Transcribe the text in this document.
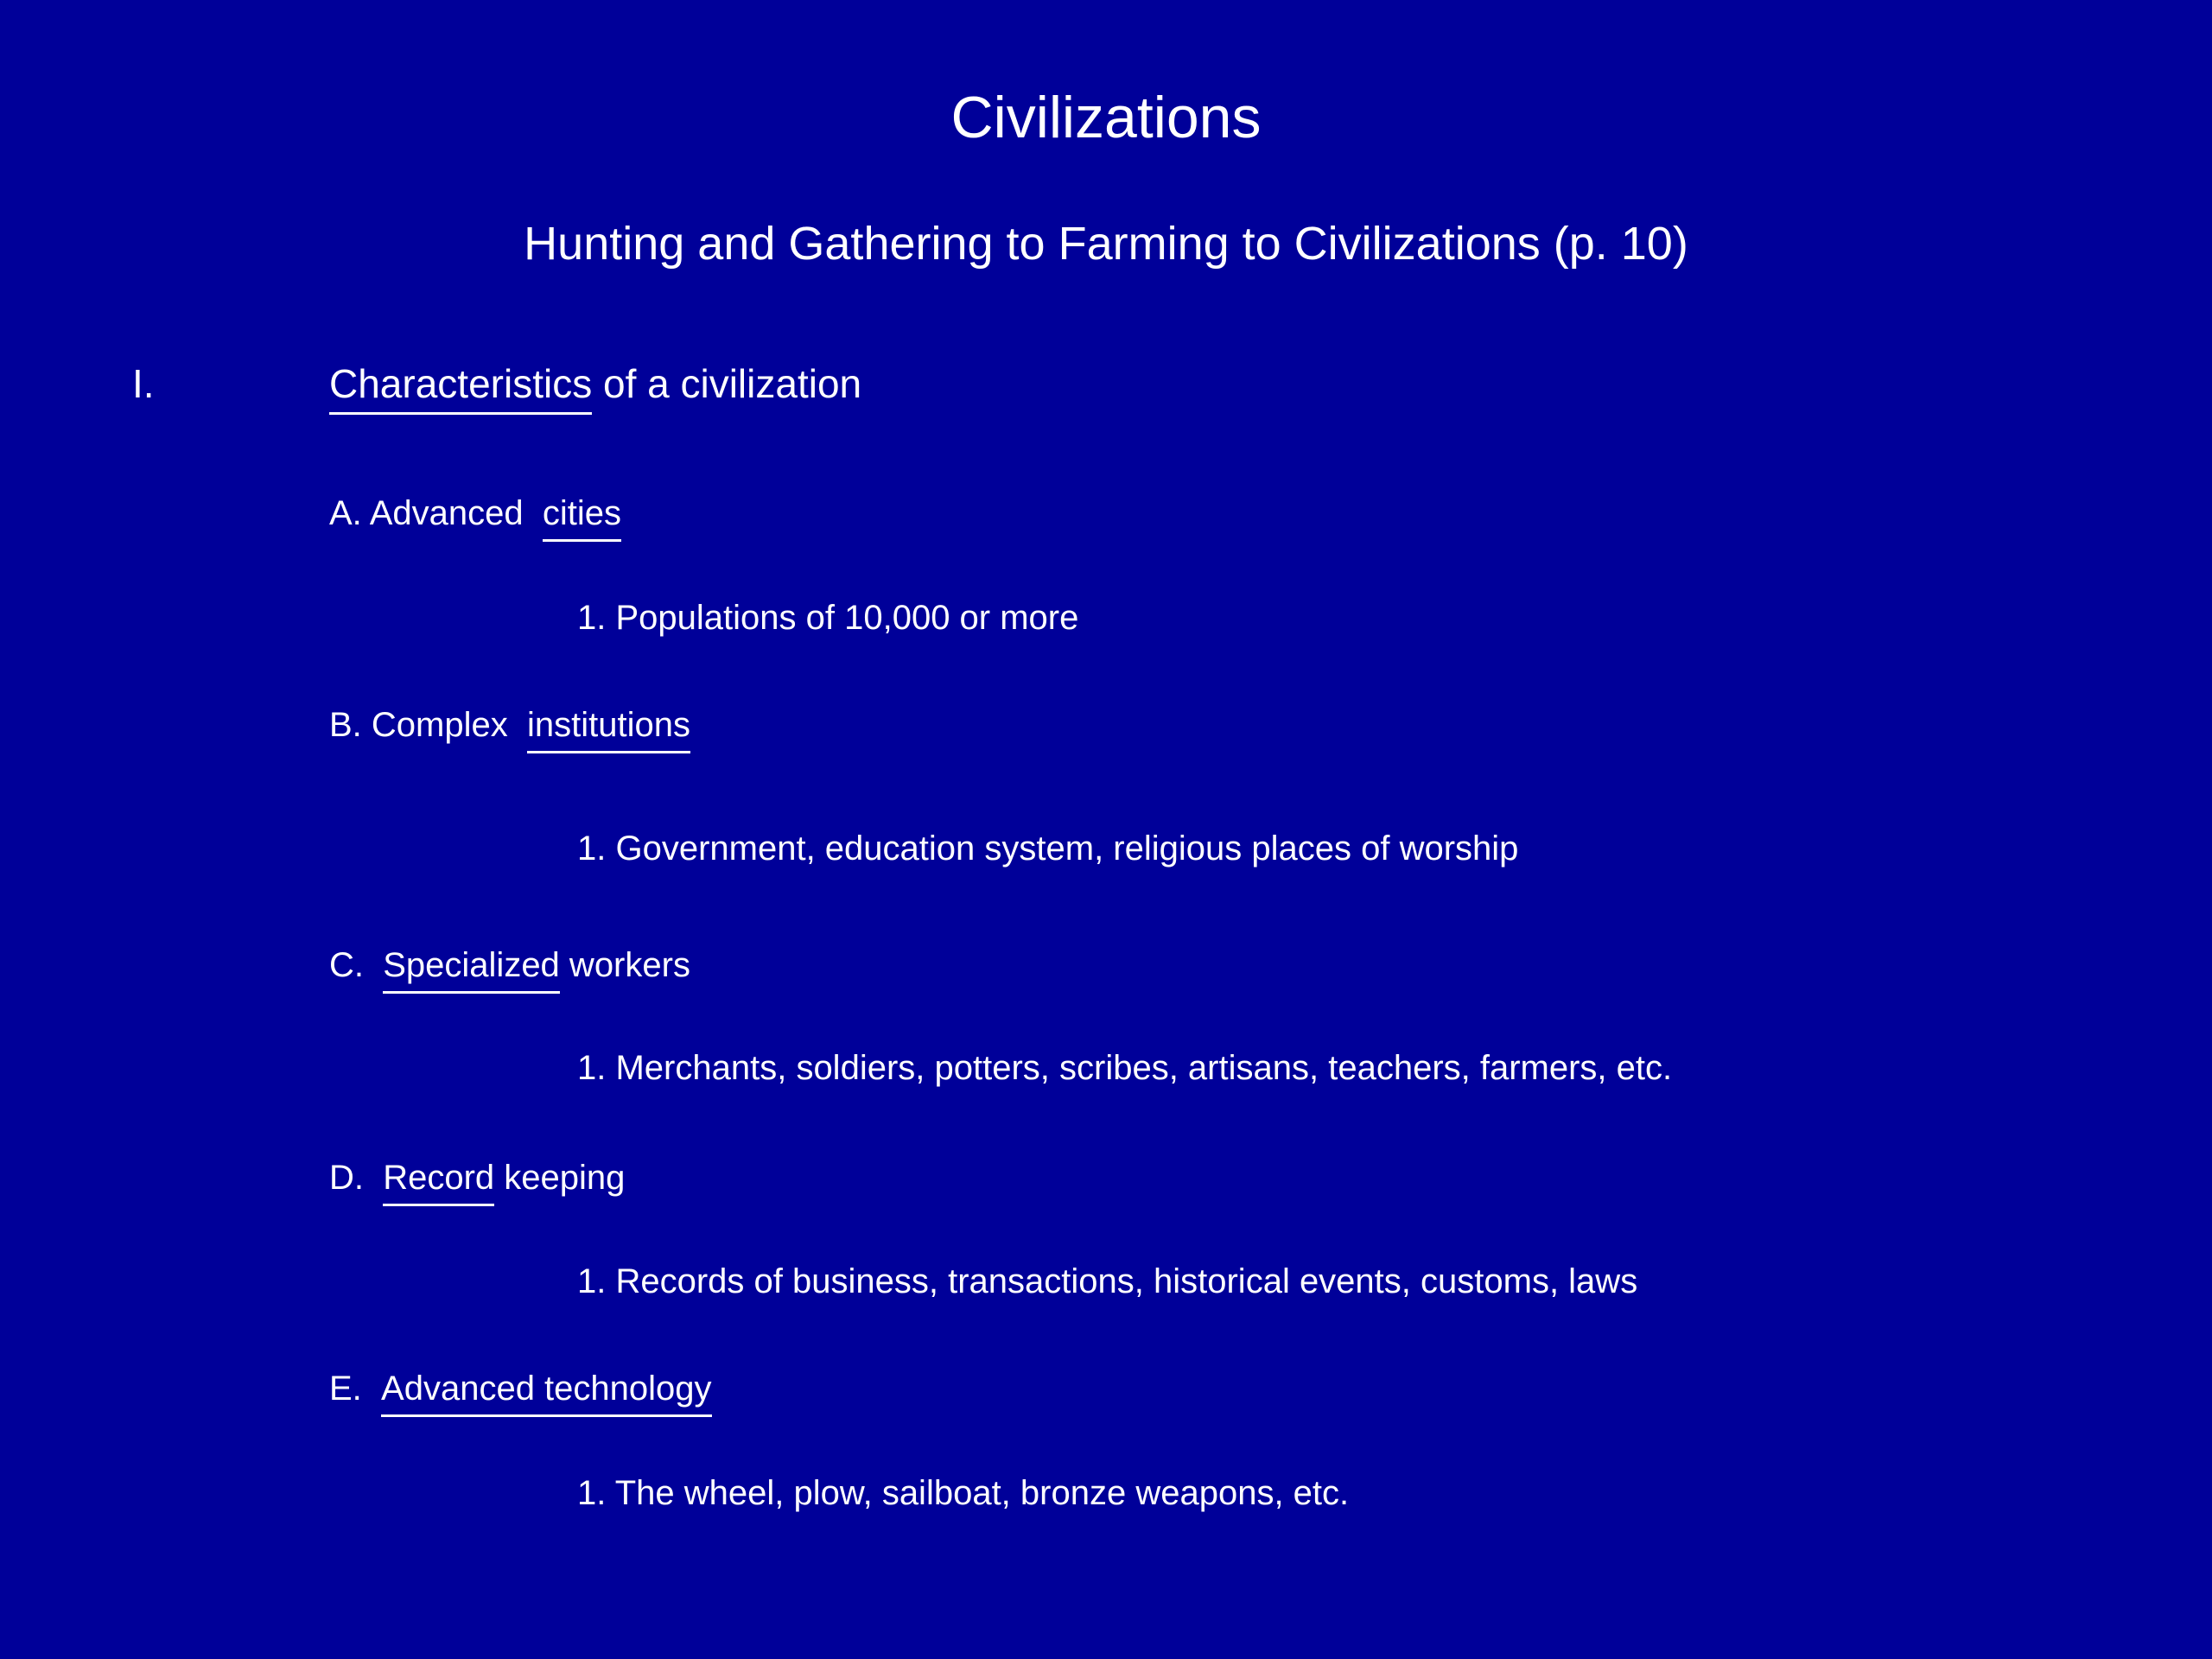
Civilizations
Hunting and Gathering to Farming to Civilizations (p. 10)
I.	Characteristics of a civilization
A. Advanced  cities
1. Populations of 10,000 or more
B. Complex  institutions
1. Government, education system, religious places of worship
C.  Specialized workers
1. Merchants, soldiers, potters, scribes, artisans, teachers, farmers, etc.
D.  Record keeping
1. Records of business, transactions, historical events, customs, laws
E.  Advanced technology
1. The wheel, plow, sailboat, bronze weapons, etc.
